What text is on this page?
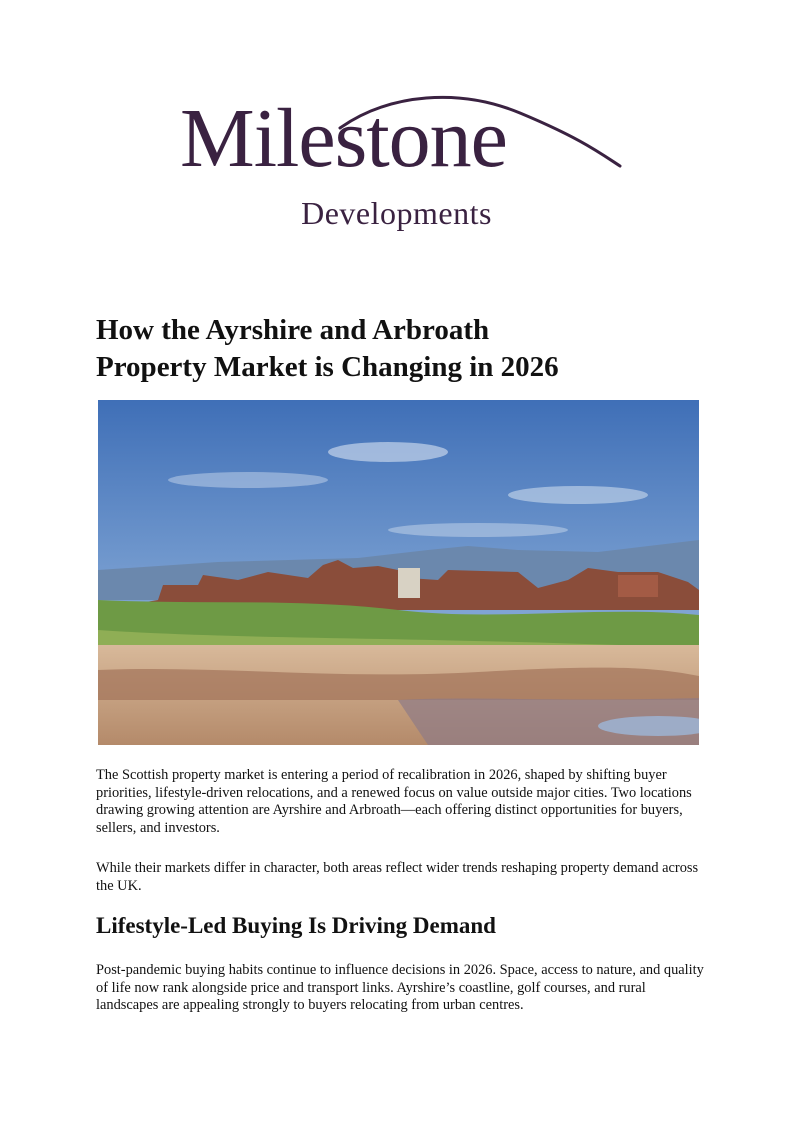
Milestone
Developments
How the Ayrshire and Arbroath
Property Market is Changing in 2026

The Scottish property market is entering a period of recalibration in 2026, shaped by shifting buyer priorities, lifestyle-driven relocations, and a renewed focus on value outside major cities. Two locations drawing growing attention are Ayrshire and Arbroath—each offering distinct opportunities for buyers, sellers, and investors.

While their markets differ in character, both areas reflect wider trends reshaping property demand across the UK.

Lifestyle-Led Buying Is Driving Demand

Post-pandemic buying habits continue to influence decisions in 2026. Space, access to nature, and quality of life now rank alongside price and transport links. Ayrshire’s coastline, golf courses, and rural landscapes are appealing strongly to buyers relocating from urban centres.
